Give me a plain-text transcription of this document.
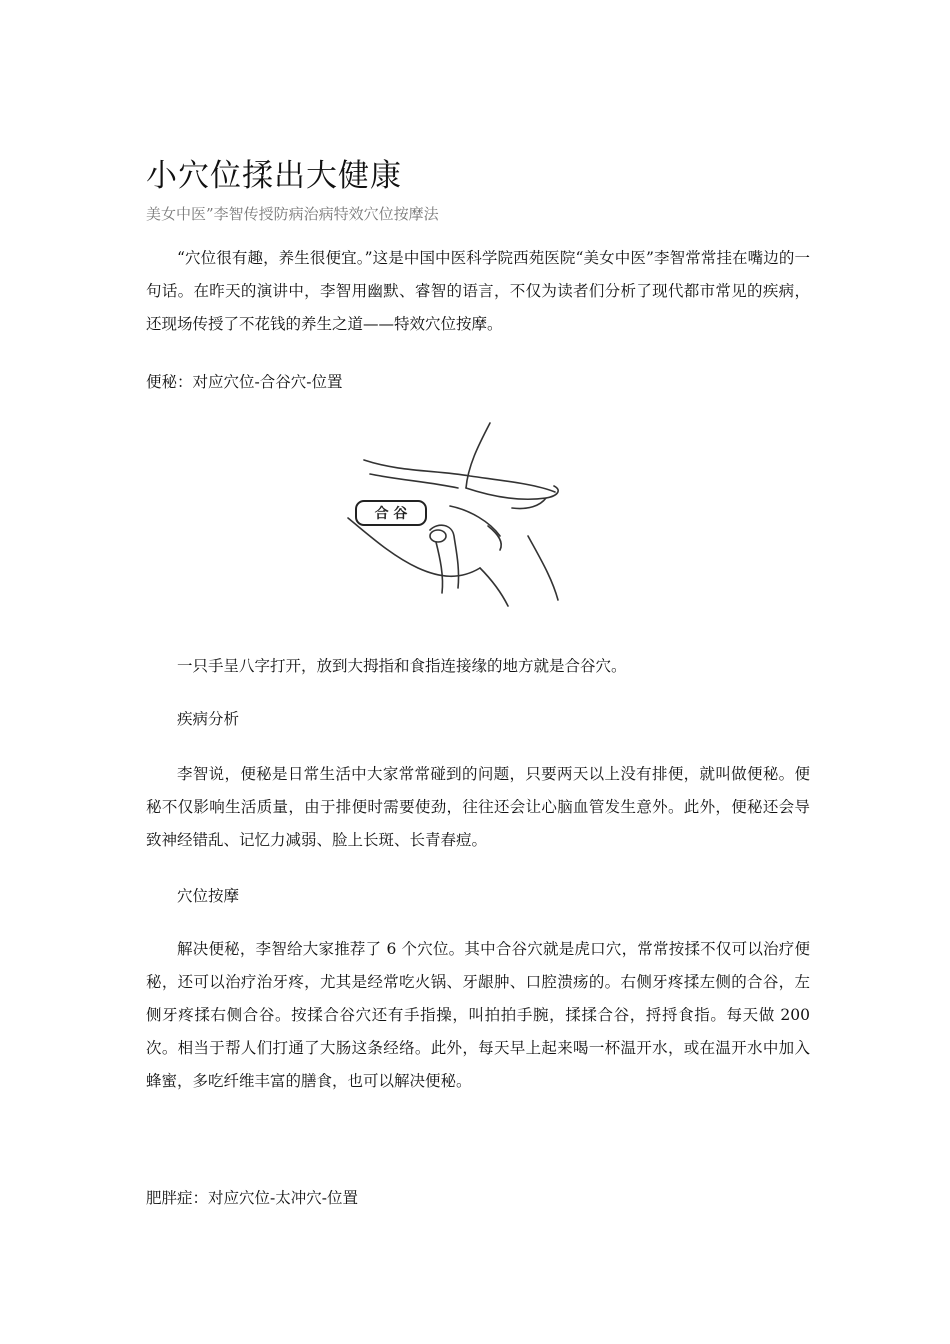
小穴位揉出大健康

美女中医”李智传授防病治病特效穴位按摩法

“穴位很有趣，养生很便宜。”这是中国中医科学院西苑医院“美女中医”李智常常挂在嘴边的一句话。在昨天的演讲中，李智用幽默、睿智的语言，不仅为读者们分析了现代都市常见的疾病，还现场传授了不花钱的养生之道——特效穴位按摩。

便秘：对应穴位-合谷穴-位置

合 谷

一只手呈八字打开，放到大拇指和食指连接缘的地方就是合谷穴。

疾病分析

李智说，便秘是日常生活中大家常常碰到的问题，只要两天以上没有排便，就叫做便秘。便秘不仅影响生活质量，由于排便时需要使劲，往往还会让心脑血管发生意外。此外，便秘还会导致神经错乱、记忆力减弱、脸上长斑、长青春痘。

穴位按摩

解决便秘，李智给大家推荐了 6 个穴位。其中合谷穴就是虎口穴，常常按揉不仅可以治疗便秘，还可以治疗治牙疼，尤其是经常吃火锅、牙龈肿、口腔溃疡的。右侧牙疼揉左侧的合谷，左侧牙疼揉右侧合谷。按揉合谷穴还有手指操，叫拍拍手腕，揉揉合谷，捋捋食指。每天做 200 次。相当于帮人们打通了大肠这条经络。此外，每天早上起来喝一杯温开水，或在温开水中加入蜂蜜，多吃纤维丰富的膳食，也可以解决便秘。

肥胖症：对应穴位-太冲穴-位置
